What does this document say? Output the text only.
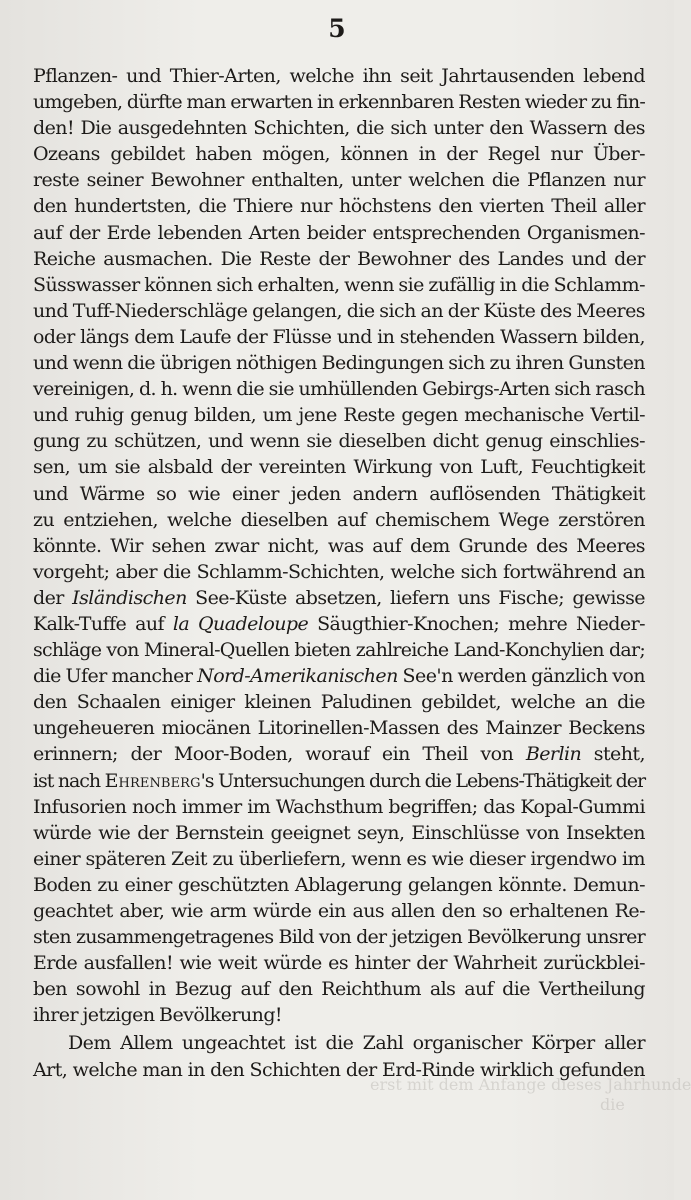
5
erst mit dem Anfange dieses Jahrhunde
die
Pflanzen- und Thier-Arten, welche ihn seit Jahrtausenden lebend
umgeben, dürfte man erwarten in erkennbaren Resten wieder zu fin-
den! Die ausgedehnten Schichten, die sich unter den Wassern des
Ozeans gebildet haben mögen, können in der Regel nur Über-
reste seiner Bewohner enthalten, unter welchen die Pflanzen nur
den hundertsten, die Thiere nur höchstens den vierten Theil aller
auf der Erde lebenden Arten beider entsprechenden Organismen-
Reiche ausmachen. Die Reste der Bewohner des Landes und der
Süsswasser können sich erhalten, wenn sie zufällig in die Schlamm-
und Tuff-Niederschläge gelangen, die sich an der Küste des Meeres
oder längs dem Laufe der Flüsse und in stehenden Wassern bilden,
und wenn die übrigen nöthigen Bedingungen sich zu ihren Gunsten
vereinigen, d. h. wenn die sie umhüllenden Gebirgs-Arten sich rasch
und ruhig genug bilden, um jene Reste gegen mechanische Vertil-
gung zu schützen, und wenn sie dieselben dicht genug einschlies-
sen, um sie alsbald der vereinten Wirkung von Luft, Feuchtigkeit
und Wärme so wie einer jeden andern auflösenden Thätigkeit
zu entziehen, welche dieselben auf chemischem Wege zerstören
könnte. Wir sehen zwar nicht, was auf dem Grunde des Meeres
vorgeht; aber die Schlamm-Schichten, welche sich fortwährend an
der Isländischen See-Küste absetzen, liefern uns Fische; gewisse
Kalk-Tuffe auf la Quadeloupe Säugthier-Knochen; mehre Nieder-
schläge von Mineral-Quellen bieten zahlreiche Land-Konchylien dar;
die Ufer mancher Nord-Amerikanischen See'n werden gänzlich von
den Schaalen einiger kleinen Paludinen gebildet, welche an die
ungeheueren miocänen Litorinellen-Massen des Mainzer Beckens
erinnern; der Moor-Boden, worauf ein Theil von Berlin steht,
ist nach Ehrenberg's Untersuchungen durch die Lebens-Thätigkeit der
Infusorien noch immer im Wachsthum begriffen; das Kopal-Gummi
würde wie der Bernstein geeignet seyn, Einschlüsse von Insekten
einer späteren Zeit zu überliefern, wenn es wie dieser irgendwo im
Boden zu einer geschützten Ablagerung gelangen könnte. Demun-
geachtet aber, wie arm würde ein aus allen den so erhaltenen Re-
sten zusammengetragenes Bild von der jetzigen Bevölkerung unsrer
Erde ausfallen! wie weit würde es hinter der Wahrheit zurückblei-
ben sowohl in Bezug auf den Reichthum als auf die Vertheilung
ihrer jetzigen Bevölkerung!
Dem Allem ungeachtet ist die Zahl organischer Körper aller
Art, welche man in den Schichten der Erd-Rinde wirklich gefunden
